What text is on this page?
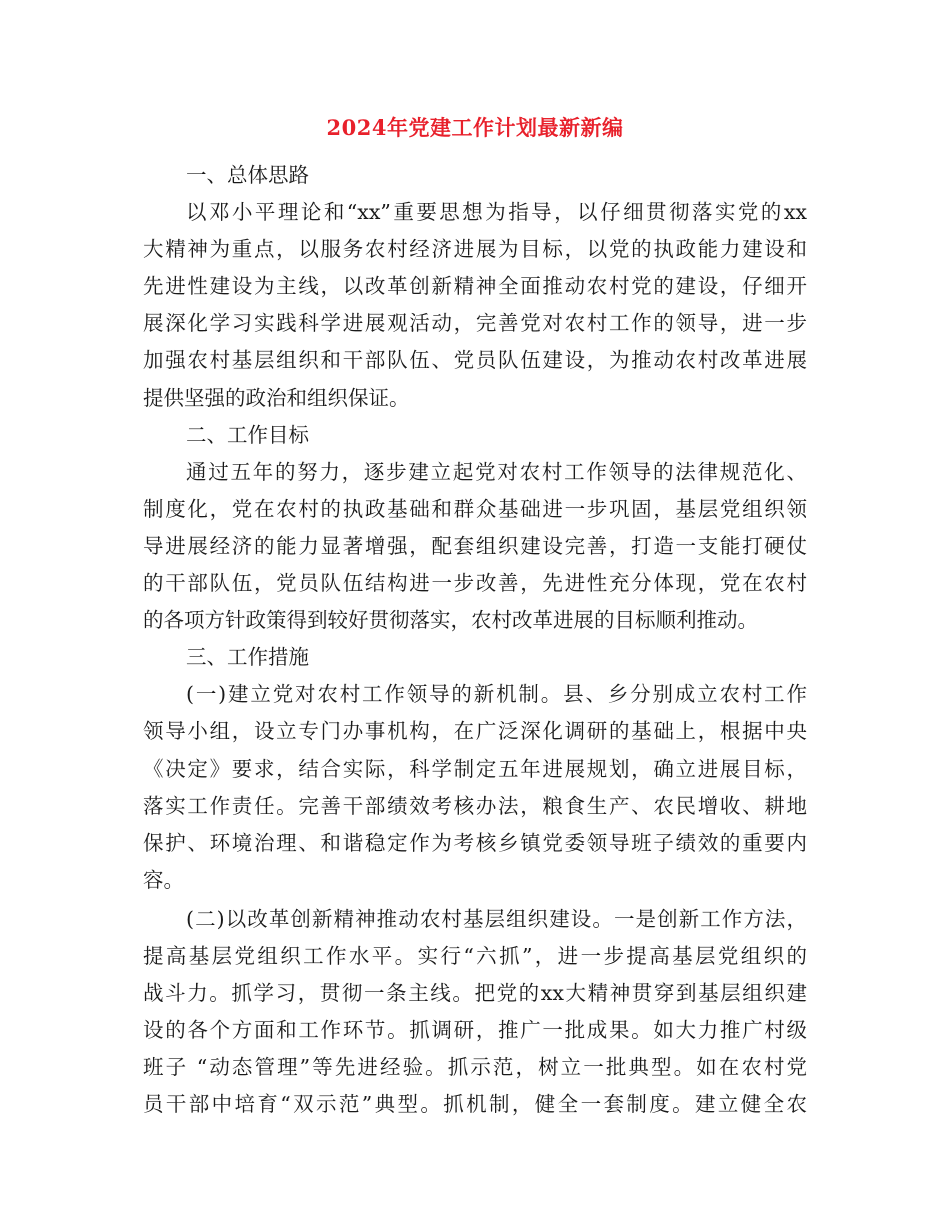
2024年党建工作计划最新新编
一、总体思路
以邓小平理论和“xx”重要思想为指导，以仔细贯彻落实党的xx
大精神为重点，以服务农村经济进展为目标，以党的执政能力建设和
先进性建设为主线，以改革创新精神全面推动农村党的建设，仔细开
展深化学习实践科学进展观活动，完善党对农村工作的领导，进一步
加强农村基层组织和干部队伍、党员队伍建设，为推动农村改革进展
提供坚强的政治和组织保证。
二、工作目标
通过五年的努力，逐步建立起党对农村工作领导的法律规范化、
制度化，党在农村的执政基础和群众基础进一步巩固，基层党组织领
导进展经济的能力显著增强，配套组织建设完善，打造一支能打硬仗
的干部队伍，党员队伍结构进一步改善，先进性充分体现，党在农村
的各项方针政策得到较好贯彻落实，农村改革进展的目标顺利推动。
三、工作措施
(一)建立党对农村工作领导的新机制。县、乡分别成立农村工作
领导小组，设立专门办事机构，在广泛深化调研的基础上，根据中央
《决定》要求，结合实际，科学制定五年进展规划，确立进展目标，
落实工作责任。完善干部绩效考核办法，粮食生产、农民增收、耕地
保护、环境治理、和谐稳定作为考核乡镇党委领导班子绩效的重要内
容。
(二)以改革创新精神推动农村基层组织建设。一是创新工作方法，
提高基层党组织工作水平。实行“六抓”，进一步提高基层党组织的
战斗力。抓学习，贯彻一条主线。把党的xx大精神贯穿到基层组织建
设的各个方面和工作环节。抓调研，推广一批成果。如大力推广村级
班子 “动态管理”等先进经验。抓示范，树立一批典型。如在农村党
员干部中培育“双示范”典型。抓机制，健全一套制度。建立健全农
